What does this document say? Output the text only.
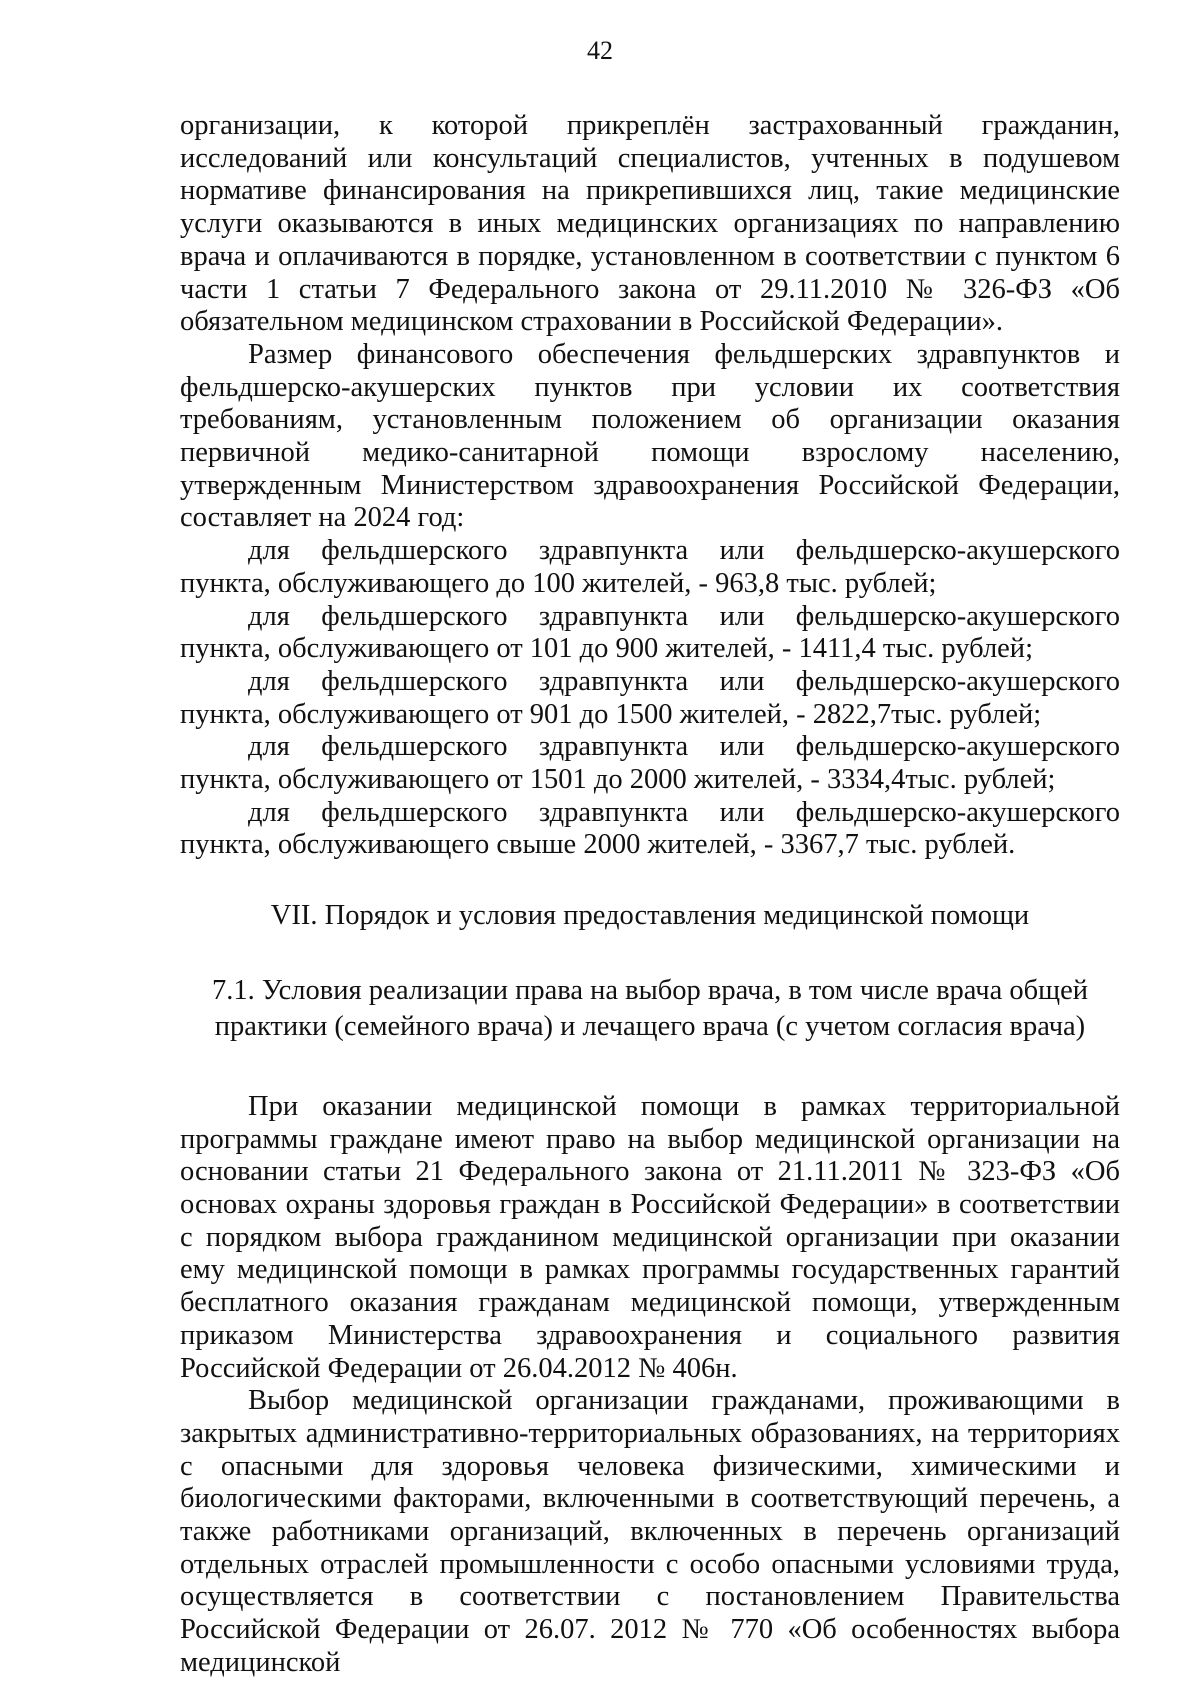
42

организации, к которой прикреплён застрахованный гражданин, исследований или консультаций специалистов, учтенных в подушевом нормативе финансирования на прикрепившихся лиц, такие медицинские услуги оказываются в иных медицинских организациях по направлению врача и оплачиваются в порядке, установленном в соответствии с пунктом 6 части 1 статьи 7 Федерального закона от 29.11.2010 № 326-ФЗ «Об обязательном медицинском страховании в Российской Федерации».

Размер финансового обеспечения фельдшерских здравпунктов и фельдшерско-акушерских пунктов при условии их соответствия требованиям, установленным положением об организации оказания первичной медико-санитарной помощи взрослому населению, утвержденным Министерством здравоохранения Российской Федерации, составляет на 2024 год:

для фельдшерского здравпункта или фельдшерско-акушерского пункта, обслуживающего до 100 жителей, - 963,8 тыс. рублей;

для фельдшерского здравпункта или фельдшерско-акушерского пункта, обслуживающего от 101 до 900 жителей, - 1411,4 тыс. рублей;

для фельдшерского здравпункта или фельдшерско-акушерского пункта, обслуживающего от 901 до 1500 жителей, - 2822,7тыс. рублей;

для фельдшерского здравпункта или фельдшерско-акушерского пункта, обслуживающего от 1501 до 2000 жителей, - 3334,4тыс. рублей;

для фельдшерского здравпункта или фельдшерско-акушерского пункта, обслуживающего свыше 2000 жителей, - 3367,7 тыс. рублей.

VII. Порядок и условия предоставления медицинской помощи
7.1. Условия реализации права на выбор врача, в том числе врача общей
практики (семейного врача) и лечащего врача (с учетом согласия врача)

При оказании медицинской помощи в рамках территориальной программы граждане имеют право на выбор медицинской организации на основании статьи 21 Федерального закона от 21.11.2011 № 323-ФЗ «Об основах охраны здоровья граждан в Российской Федерации» в соответствии с порядком выбора гражданином медицинской организации при оказании ему медицинской помощи в рамках программы государственных гарантий бесплатного оказания гражданам медицинской помощи, утвержденным приказом Министерства здравоохранения и социального развития Российской Федерации от 26.04.2012 № 406н.

Выбор медицинской организации гражданами, проживающими в закрытых административно-территориальных образованиях, на территориях с опасными для здоровья человека физическими, химическими и биологическими факторами, включенными в соответствующий перечень, а также работниками организаций, включенных в перечень организаций отдельных отраслей промышленности с особо опасными условиями труда, осуществляется в соответствии с постановлением Правительства Российской Федерации от 26.07. 2012 № 770 «Об особенностях выбора медицинской
